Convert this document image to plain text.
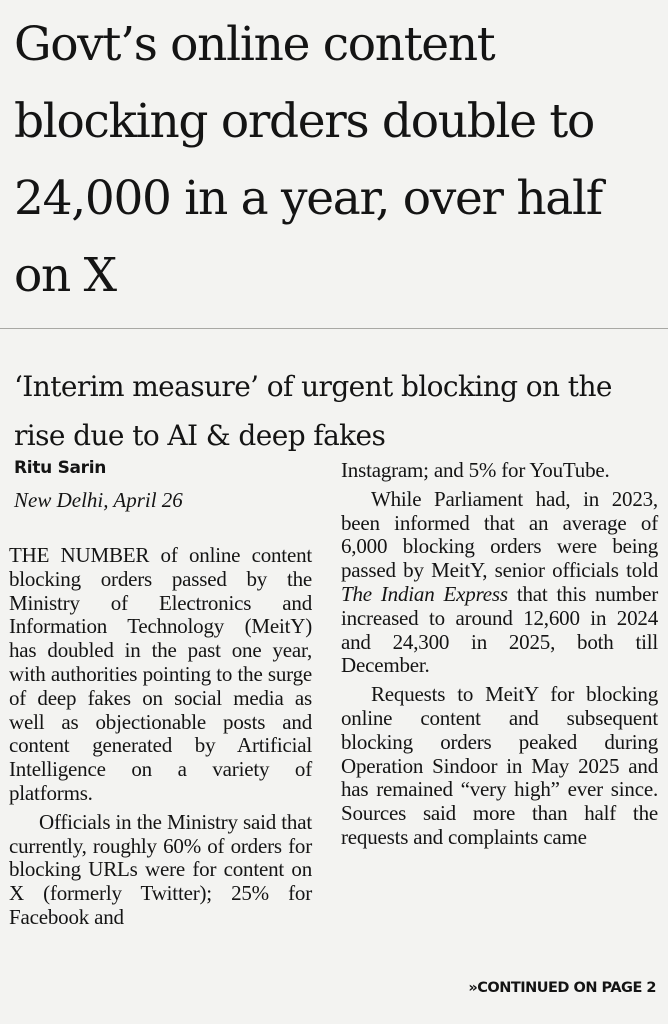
Govt’s online content blocking orders double to 24,000 in a year, over half on X
‘Interim measure’ of urgent blocking on the rise due to AI & deep fakes
Ritu Sarin
New Delhi, April 26

THE NUMBER of online content blocking orders passed by the Ministry of Electronics and Information Technology (MeitY) has doubled in the past one year, with authorities pointing to the surge of deep fakes on social media as well as objectionable posts and content generated by Artificial Intelligence on a variety of platforms.

Officials in the Ministry said that currently, roughly 60% of orders for blocking URLs were for content on X (formerly Twitter); 25% for Facebook and

Instagram; and 5% for YouTube.

While Parliament had, in 2023, been informed that an average of 6,000 blocking orders were being passed by MeitY, senior officials told The Indian Express that this number increased to around 12,600 in 2024 and 24,300 in 2025, both till December.

Requests to MeitY for blocking online content and subsequent blocking orders peaked during Operation Sindoor in May 2025 and has remained “very high” ever since. Sources said more than half the requests and complaints came

»CONTINUED ON PAGE 2
